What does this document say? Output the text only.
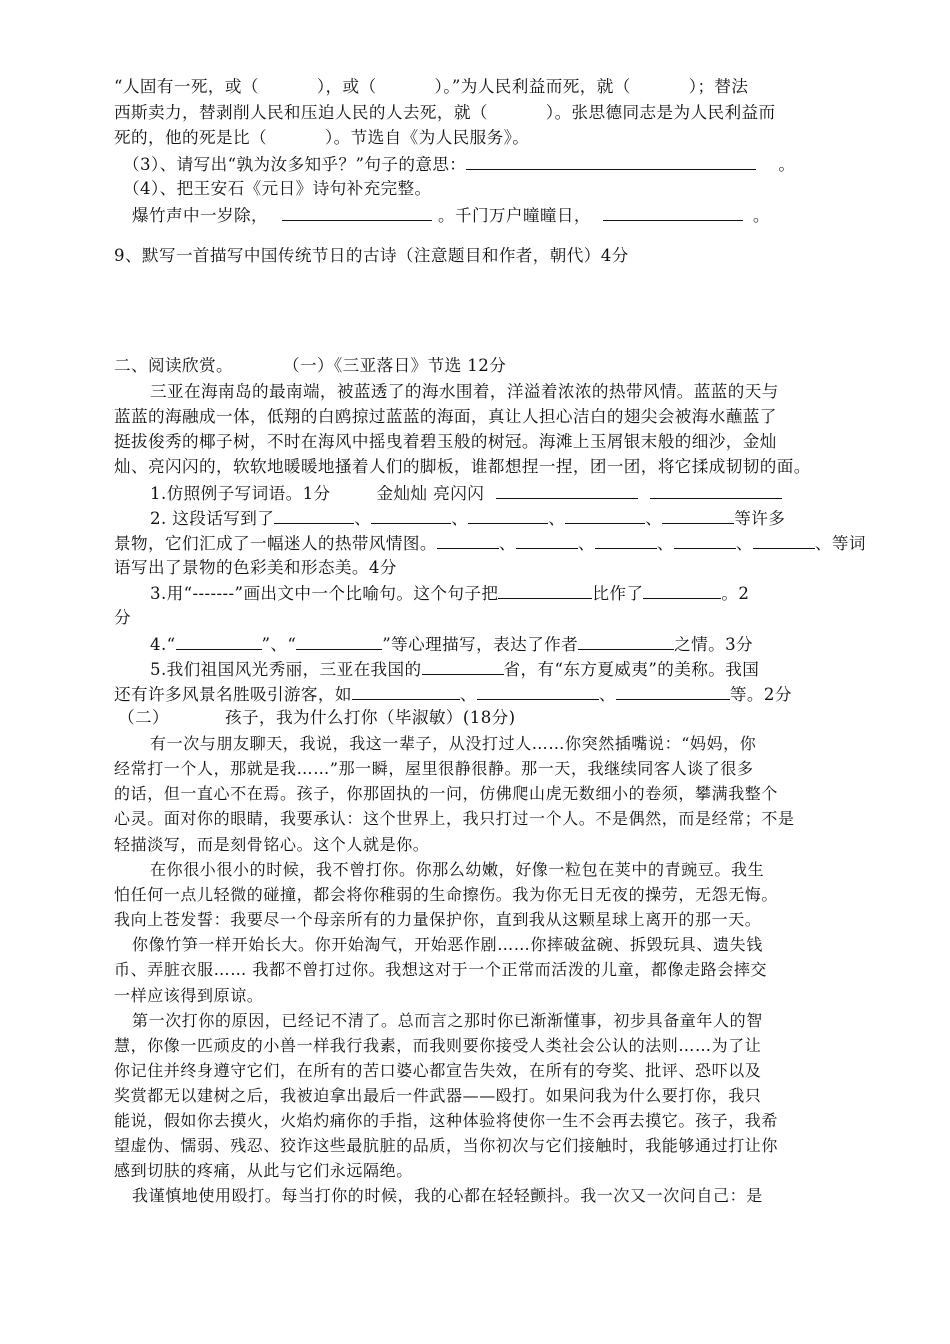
“人固有一死，或（	），或（	）。”为人民利益而死，就（	）；替法
西斯卖力，替剥削人民和压迫人民的人去死，就（	）。张思德同志是为人民利益而
死的，他的死是比（	）。节选自《为人民服务》。
（3）、请写出“孰为汝多知乎？”句子的意思：	。
（4）、把王安石《元日》诗句补充完整。
爆竹声中一岁除，	。千门万户曈曈日，	。
9、默写一首描写中国传统节日的古诗（注意题目和作者，朝代）4分
二、阅读欣赏。	（一）《三亚落日》节选 12分
三亚在海南岛的最南端，被蓝透了的海水围着，洋溢着浓浓的热带风情。蓝蓝的天与
蓝蓝的海融成一体，低翔的白鸥掠过蓝蓝的海面，真让人担心洁白的翅尖会被海水蘸蓝了
挺拔俊秀的椰子树，不时在海风中摇曳着碧玉般的树冠。海滩上玉屑银末般的细沙，金灿
灿、亮闪闪的，软软地暖暖地搔着人们的脚板，谁都想捏一捏，团一团，将它揉成韧韧的面。
1.仿照例子写词语。1分	金灿灿 亮闪闪
2. 这段话写到了	、	、	、	、	等许多
景物，它们汇成了一幅迷人的热带风情图。	、	、	、	、	、等词
语写出了景物的色彩美和形态美。4分
3.用“-------”画出文中一个比喻句。这个句子把	比作了	。2
分
4.“	”、“	”等心理描写，表达了作者	之情。3分
5.我们祖国风光秀丽，三亚在我国的	省，有“东方夏威夷”的美称。我国
还有许多风景名胜吸引游客，如	、	、	等。2分
（二）	孩子，我为什么打你（毕淑敏）(18分)
有一次与朋友聊天，我说，我这一辈子，从没打过人……你突然插嘴说：“妈妈，你
经常打一个人，那就是我……”那一瞬，屋里很静很静。那一天，我继续同客人谈了很多
的话，但一直心不在焉。孩子，你那固执的一问，仿佛爬山虎无数细小的卷须，攀满我整个
心灵。面对你的眼睛，我要承认：这个世界上，我只打过一个人。不是偶然，而是经常；不是
轻描淡写，而是刻骨铭心。这个人就是你。
在你很小很小的时候，我不曾打你。你那么幼嫩，好像一粒包在荚中的青豌豆。我生
怕任何一点儿轻微的碰撞，都会将你稚弱的生命擦伤。我为你无日无夜的操劳，无怨无悔。
我向上苍发誓：我要尽一个母亲所有的力量保护你，直到我从这颗星球上离开的那一天。
你像竹笋一样开始长大。你开始淘气，开始恶作剧……你摔破盆碗、拆毁玩具、遗失钱
币、弄脏衣服…… 我都不曾打过你。我想这对于一个正常而活泼的儿童，都像走路会摔交
一样应该得到原谅。
第一次打你的原因，已经记不清了。总而言之那时你已渐渐懂事，初步具备童年人的智
慧，你像一匹顽皮的小兽一样我行我素，而我则要你接受人类社会公认的法则……为了让
你记住并终身遵守它们，在所有的苦口婆心都宣告失效，在所有的夸奖、批评、恐吓以及
奖赏都无以建树之后，我被迫拿出最后一件武器——殴打。如果问我为什么要打你，我只
能说，假如你去摸火，火焰灼痛你的手指，这种体验将使你一生不会再去摸它。孩子，我希
望虚伪、懦弱、残忍、狡诈这些最肮脏的品质，当你初次与它们接触时，我能够通过打让你
感到切肤的疼痛，从此与它们永远隔绝。
我谨慎地使用殴打。每当打你的时候，我的心都在轻轻颤抖。我一次又一次问自己：是
